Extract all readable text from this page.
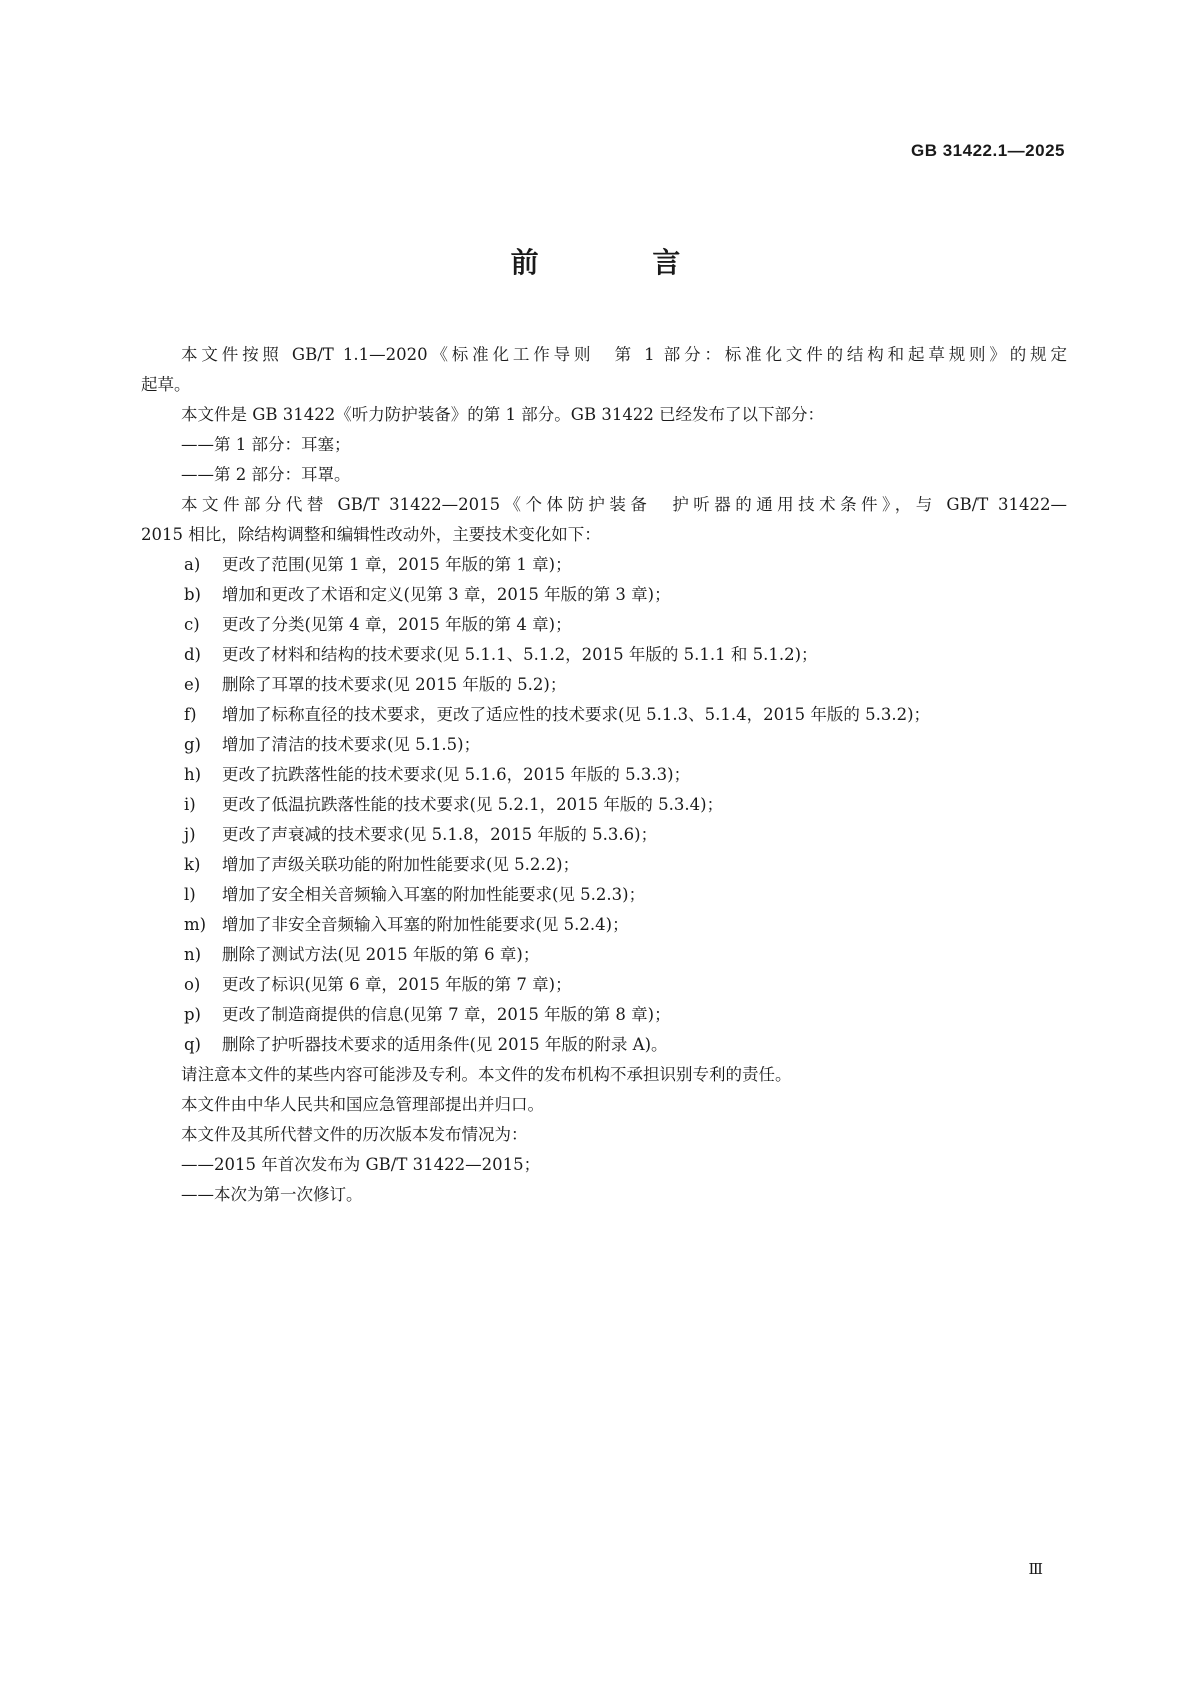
GB 31422.1—2025
前 言
本文件按照 GB/T 1.1—2020《标准化工作导则　第 1 部分：标准化文件的结构和起草规则》的规定
起草。
本文件是 GB 31422《听力防护装备》的第 1 部分。GB 31422 已经发布了以下部分：
——第 1 部分：耳塞；
——第 2 部分：耳罩。
本文件部分代替 GB/T 31422—2015《个体防护装备　护听器的通用技术条件》，与 GB/T 31422—
2015 相比，除结构调整和编辑性改动外，主要技术变化如下：
a) 更改了范围(见第 1 章，2015 年版的第 1 章)；
b) 增加和更改了术语和定义(见第 3 章，2015 年版的第 3 章)；
c) 更改了分类(见第 4 章，2015 年版的第 4 章)；
d) 更改了材料和结构的技术要求(见 5.1.1、5.1.2，2015 年版的 5.1.1 和 5.1.2)；
e) 删除了耳罩的技术要求(见 2015 年版的 5.2)；
f) 增加了标称直径的技术要求，更改了适应性的技术要求(见 5.1.3、5.1.4，2015 年版的 5.3.2)；
g) 增加了清洁的技术要求(见 5.1.5)；
h) 更改了抗跌落性能的技术要求(见 5.1.6，2015 年版的 5.3.3)；
i) 更改了低温抗跌落性能的技术要求(见 5.2.1，2015 年版的 5.3.4)；
j) 更改了声衰减的技术要求(见 5.1.8，2015 年版的 5.3.6)；
k) 增加了声级关联功能的附加性能要求(见 5.2.2)；
l) 增加了安全相关音频输入耳塞的附加性能要求(见 5.2.3)；
m) 增加了非安全音频输入耳塞的附加性能要求(见 5.2.4)；
n) 删除了测试方法(见 2015 年版的第 6 章)；
o) 更改了标识(见第 6 章，2015 年版的第 7 章)；
p) 更改了制造商提供的信息(见第 7 章，2015 年版的第 8 章)；
q) 删除了护听器技术要求的适用条件(见 2015 年版的附录 A)。
请注意本文件的某些内容可能涉及专利。本文件的发布机构不承担识别专利的责任。
本文件由中华人民共和国应急管理部提出并归口。
本文件及其所代替文件的历次版本发布情况为：
——2015 年首次发布为 GB/T 31422—2015；
——本次为第一次修订。
Ⅲ
